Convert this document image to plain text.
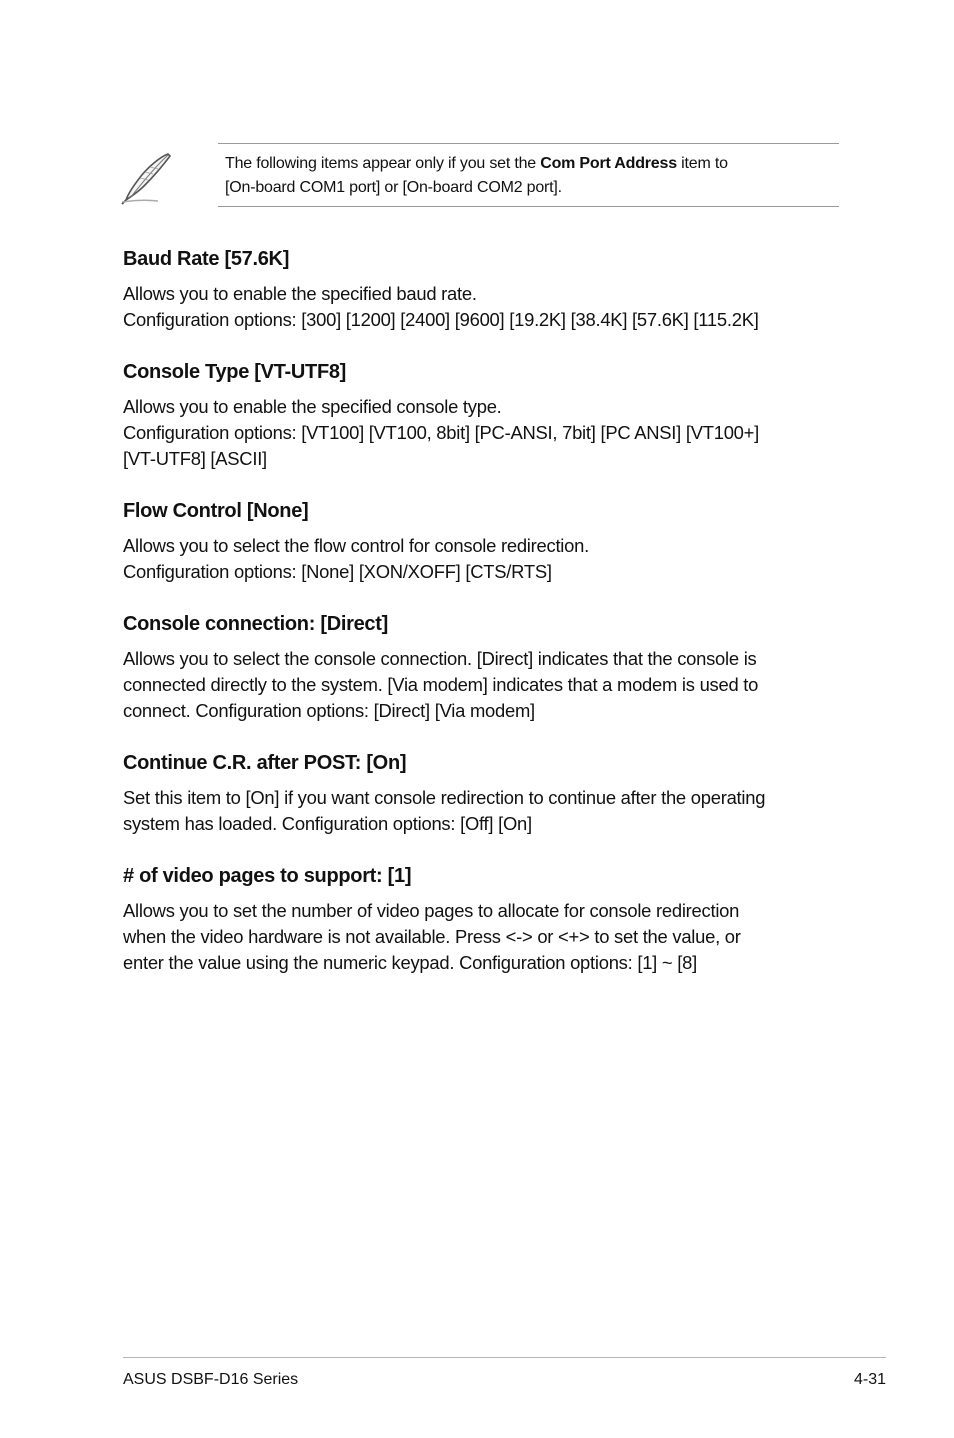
The following items appear only if you set the Com Port Address item to
[On-board COM1 port] or [On-board COM2 port].
Baud Rate [57.6K]

Allows you to enable the specified baud rate.
Configuration options: [300] [1200] [2400] [9600] [19.2K] [38.4K] [57.6K] [115.2K]

Console Type [VT-UTF8]

Allows you to enable the specified console type.
Configuration options: [VT100] [VT100, 8bit] [PC-ANSI, 7bit] [PC ANSI] [VT100+]
[VT-UTF8] [ASCII]

Flow Control [None]

Allows you to select the flow control for console redirection.
Configuration options: [None] [XON/XOFF] [CTS/RTS]

Console connection: [Direct]

Allows you to select the console connection. [Direct] indicates that the console is
connected directly to the system. [Via modem] indicates that a modem is used to
connect. Configuration options: [Direct] [Via modem]

Continue C.R. after POST: [On]

Set this item to [On] if you want console redirection to continue after the operating
system has loaded. Configuration options: [Off] [On]

# of video pages to support: [1]

Allows you to set the number of video pages to allocate for console redirection
when the video hardware is not available. Press <-> or <+> to set the value, or
enter the value using the numeric keypad. Configuration options: [1] ~ [8]

ASUS DSBF-D16 Series	4-31
